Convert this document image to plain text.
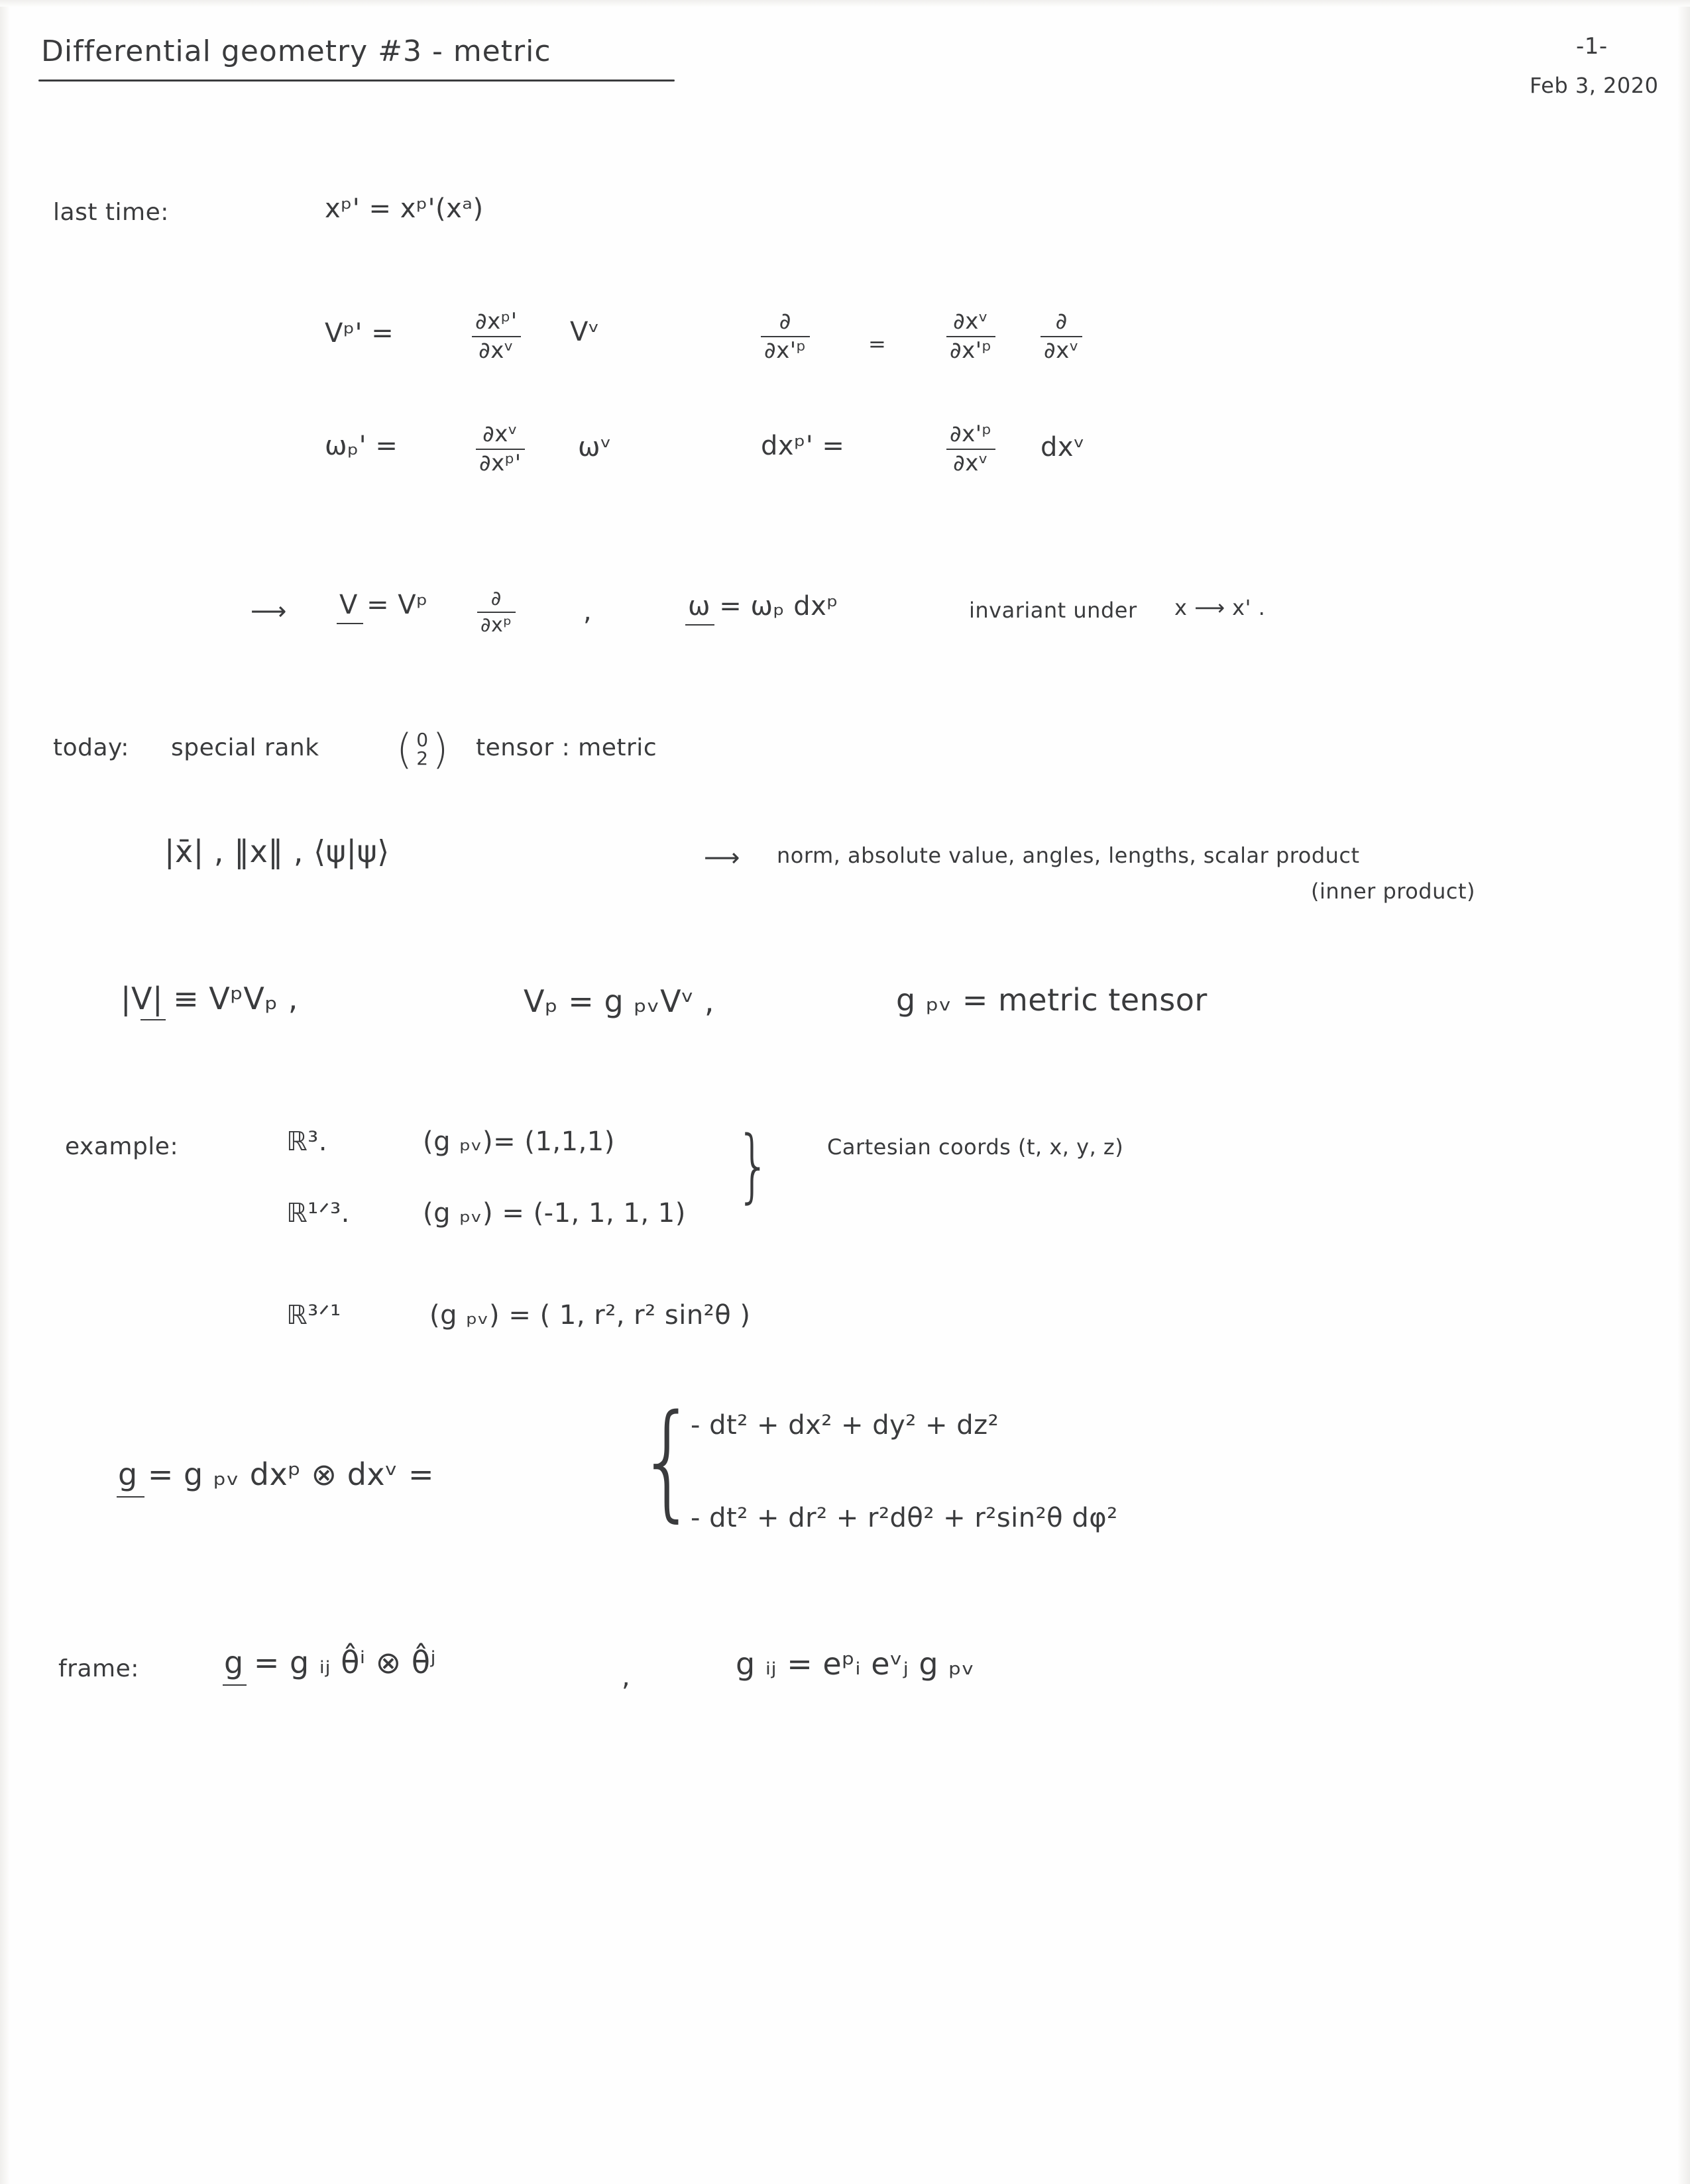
Differential geometry #3 - metric	-1-
Feb 3, 2020
last time:	xᵖ' = xᵖ'(xᵃ)
Vᵖ' =	$\frac{\text{∂xᵖ'}}{\text{∂xᵛ}}$ Vᵛ	$\frac{\partial}{\text{∂x'ᵖ}}$	=	$\frac{\text{∂xᵛ}}{\text{∂x'ᵖ}} \frac{\partial}{\text{∂xᵛ}}$
ωₚ' =	$\frac{\text{∂xᵛ}}{\text{∂xᵖ'}}$ ωᵛ	dxᵖ' =	$\frac{\text{∂x'ᵖ}}{\text{∂xᵛ}}$ dxᵛ
⟶ V = Vᵖ $\frac{\partial}{\text{∂xᵖ}}$	,	ω = ωₚ dxᵖ	invariant under x ⟶ x' .
today: special rank ( 0
2 ) tensor : metric
|x̄| , ‖x‖ , ⟨ψ|ψ⟩	⟶ norm, absolute value, angles, lengths, scalar product
(inner product)
|V| ≡ VᵖVₚ ,	Vₚ = g ₚᵥVᵛ ,	g ₚᵥ = metric tensor
example:	ℝ³.	(g ₚᵥ)= (1,1,1)
ℝ¹ᐟ³.	(g ₚᵥ) = (-1, 1, 1, 1)
}	Cartesian coords (t, x, y, z)
ℝ³ᐟ¹	(g ₚᵥ) = ( 1, r², r² sin²θ )
g = g ₚᵥ dxᵖ ⊗ dxᵛ = {
- dt² + dx² + dy² + dz²
- dt² + dr² + r²dθ² + r²sin²θ dφ²
frame:	g = g ᵢⱼ θ̂ⁱ ⊗ θ̂ʲ	,	g ᵢⱼ = eᵖᵢ eᵛⱼ g ₚᵥ
